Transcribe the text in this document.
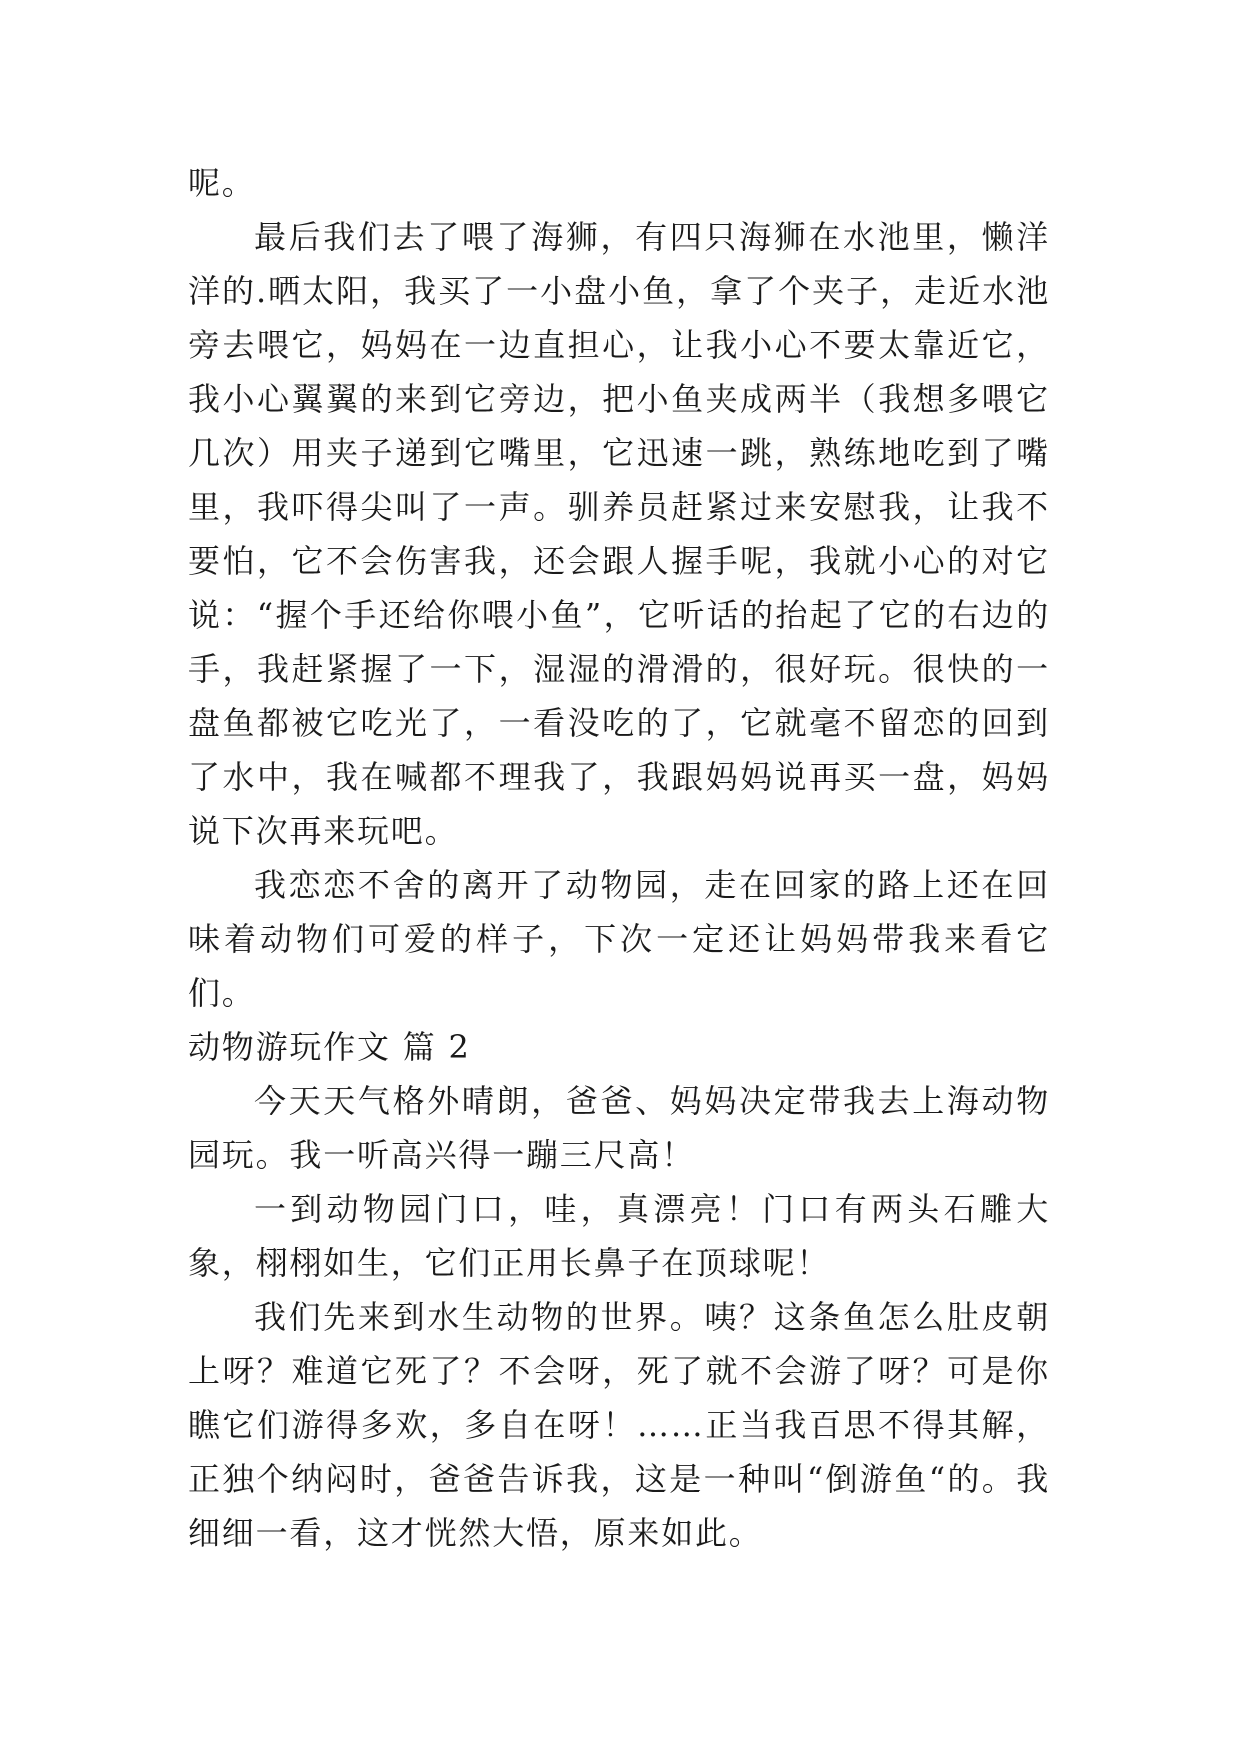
呢。

最后我们去了喂了海狮，有四只海狮在水池里，懒洋洋的.晒太阳，我买了一小盘小鱼，拿了个夹子，走近水池旁去喂它，妈妈在一边直担心，让我小心不要太靠近它，我小心翼翼的来到它旁边，把小鱼夹成两半（我想多喂它几次）用夹子递到它嘴里，它迅速一跳，熟练地吃到了嘴里，我吓得尖叫了一声。驯养员赶紧过来安慰我，让我不要怕，它不会伤害我，还会跟人握手呢，我就小心的对它说：“握个手还给你喂小鱼”，它听话的抬起了它的右边的手，我赶紧握了一下，湿湿的滑滑的，很好玩。很快的一盘鱼都被它吃光了，一看没吃的了，它就毫不留恋的回到了水中，我在喊都不理我了，我跟妈妈说再买一盘，妈妈说下次再来玩吧。

我恋恋不舍的离开了动物园，走在回家的路上还在回味着动物们可爱的样子，下次一定还让妈妈带我来看它们。

动物游玩作文 篇 2

今天天气格外晴朗，爸爸、妈妈决定带我去上海动物园玩。我一听高兴得一蹦三尺高！

一到动物园门口，哇，真漂亮！门口有两头石雕大象，栩栩如生，它们正用长鼻子在顶球呢！

我们先来到水生动物的世界。咦？这条鱼怎么肚皮朝上呀？难道它死了？不会呀，死了就不会游了呀？可是你瞧它们游得多欢，多自在呀！……正当我百思不得其解，正独个纳闷时，爸爸告诉我，这是一种叫“倒游鱼“的。我细细一看，这才恍然大悟，原来如此。
